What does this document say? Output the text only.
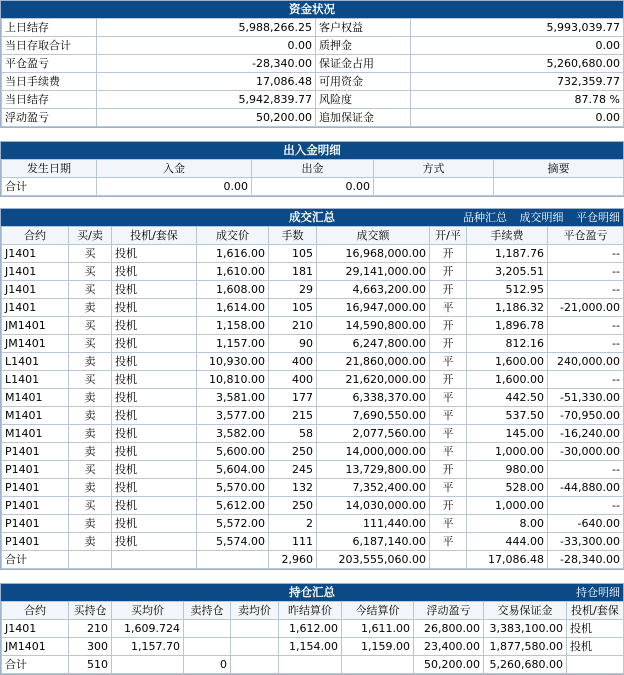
资金状况
上日结存	5,988,266.25	客户权益	5,993,039.77
当日存取合计	0.00	质押金	0.00
平仓盈亏	-28,340.00	保证金占用	5,260,680.00
当日手续费	17,086.48	可用资金	732,359.77
当日结存	5,942,839.77	风险度	87.78 %
浮动盈亏	50,200.00	追加保证金	0.00
出入金明细
发生日期	入金	出金	方式	摘要
合计	0.00	0.00		
成交汇总	品种汇总 成交明细 平仓明细
合约	买/卖	投机/套保	成交价	手数	成交额	开/平	手续费	平仓盈亏
J1401	买	投机	1,616.00	105	16,968,000.00	开	1,187.76	--
J1401	买	投机	1,610.00	181	29,141,000.00	开	3,205.51	--
J1401	买	投机	1,608.00	29	4,663,200.00	开	512.95	--
J1401	卖	投机	1,614.00	105	16,947,000.00	平	1,186.32	-21,000.00
JM1401	买	投机	1,158.00	210	14,590,800.00	开	1,896.78	--
JM1401	买	投机	1,157.00	90	6,247,800.00	开	812.16	--
L1401	卖	投机	10,930.00	400	21,860,000.00	平	1,600.00	240,000.00
L1401	买	投机	10,810.00	400	21,620,000.00	开	1,600.00	--
M1401	卖	投机	3,581.00	177	6,338,370.00	平	442.50	-51,330.00
M1401	卖	投机	3,577.00	215	7,690,550.00	平	537.50	-70,950.00
M1401	卖	投机	3,582.00	58	2,077,560.00	平	145.00	-16,240.00
P1401	卖	投机	5,600.00	250	14,000,000.00	平	1,000.00	-30,000.00
P1401	买	投机	5,604.00	245	13,729,800.00	开	980.00	--
P1401	卖	投机	5,570.00	132	7,352,400.00	平	528.00	-44,880.00
P1401	买	投机	5,612.00	250	14,030,000.00	开	1,000.00	--
P1401	卖	投机	5,572.00	2	111,440.00	平	8.00	-640.00
P1401	卖	投机	5,574.00	111	6,187,140.00	平	444.00	-33,300.00
合计				2,960	203,555,060.00		17,086.48	-28,340.00
持仓汇总	持仓明细
合约	买持仓	买均价	卖持仓	卖均价	昨结算价	今结算价	浮动盈亏	交易保证金	投机/套保
J1401	210	1,609.724			1,612.00	1,611.00	26,800.00	3,383,100.00	投机
JM1401	300	1,157.70			1,154.00	1,159.00	23,400.00	1,877,580.00	投机
合计	510		0				50,200.00	5,260,680.00	
